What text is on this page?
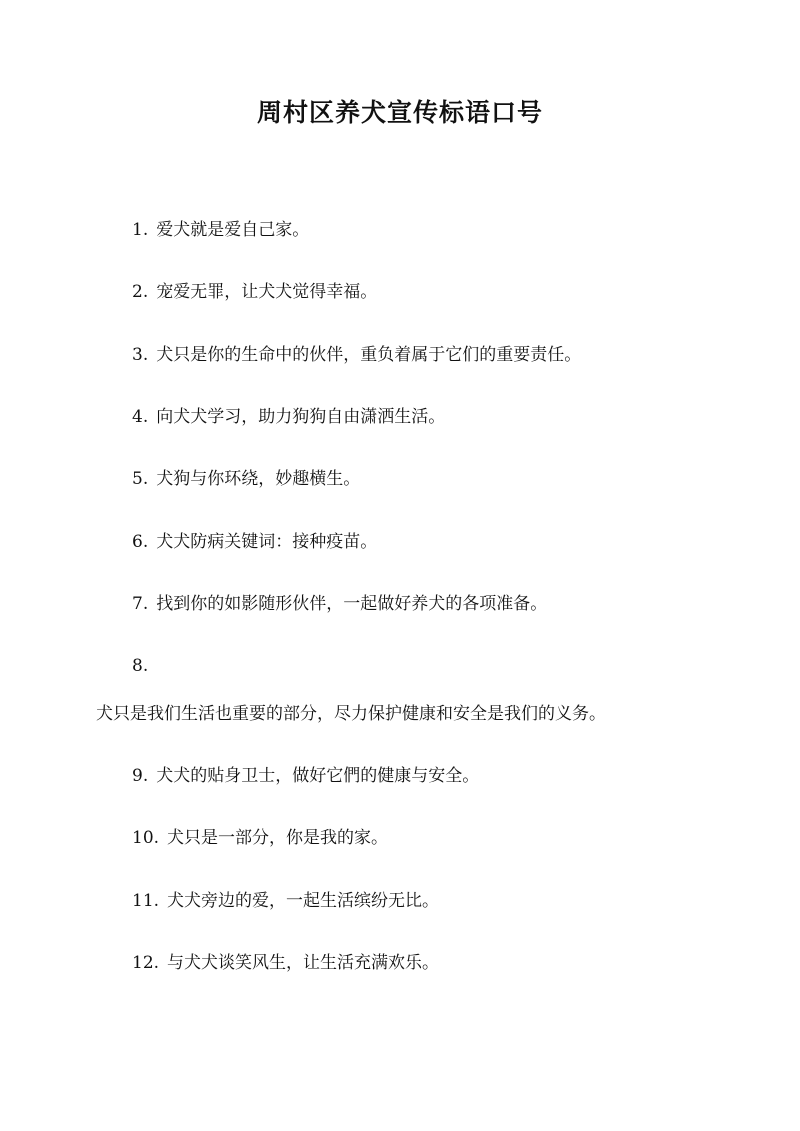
周村区养犬宣传标语口号
1. 爱犬就是爱自己家。
2. 宠爱无罪，让犬犬觉得幸福。
3. 犬只是你的生命中的伙伴，重负着属于它们的重要责任。
4. 向犬犬学习，助力狗狗自由潇洒生活。
5. 犬狗与你环绕，妙趣横生。
6. 犬犬防病关键词：接种疫苗。
7. 找到你的如影随形伙伴，一起做好养犬的各项准备。
8.
犬只是我们生活也重要的部分，尽力保护健康和安全是我们的义务。
9. 犬犬的贴身卫士，做好它們的健康与安全。
10. 犬只是一部分，你是我的家。
11. 犬犬旁边的爱，一起生活缤纷无比。
12. 与犬犬谈笑风生，让生活充满欢乐。
